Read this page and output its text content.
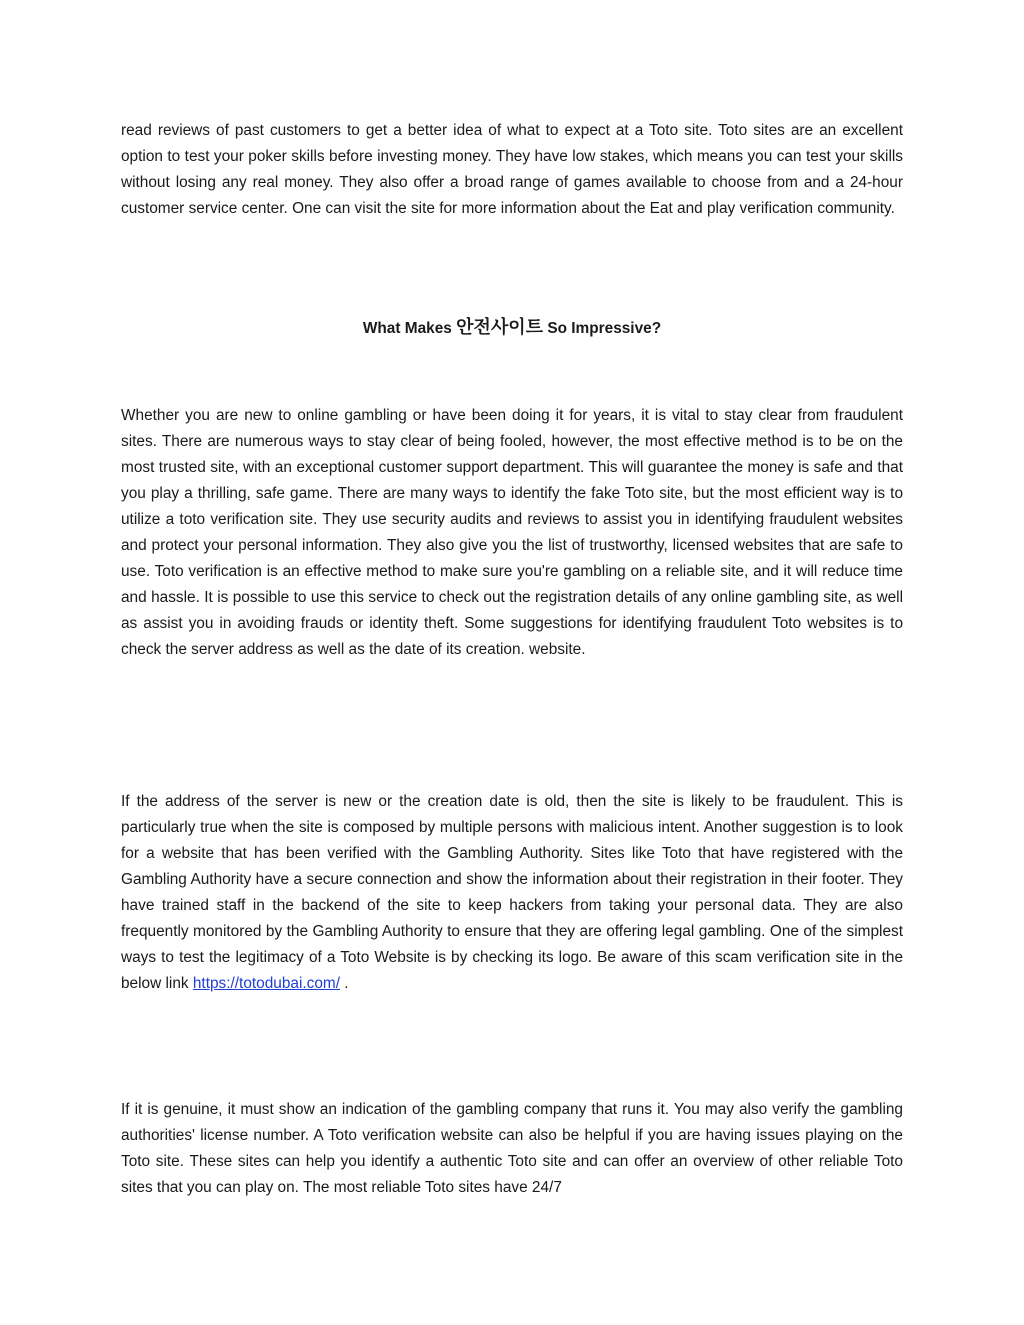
read reviews of past customers to get a better idea of what to expect at a Toto site. Toto sites are an excellent option to test your poker skills before investing money. They have low stakes, which means you can test your skills without losing any real money. They also offer a broad range of games available to choose from and a 24-hour customer service center. One can visit the site for more information about the Eat and play verification community.

What Makes 안전사이트 So Impressive?

Whether you are new to online gambling or have been doing it for years, it is vital to stay clear from fraudulent sites. There are numerous ways to stay clear of being fooled, however, the most effective method is to be on the most trusted site, with an exceptional customer support department. This will guarantee the money is safe and that you play a thrilling, safe game. There are many ways to identify the fake Toto site, but the most efficient way is to utilize a toto verification site. They use security audits and reviews to assist you in identifying fraudulent websites and protect your personal information. They also give you the list of trustworthy, licensed websites that are safe to use. Toto verification is an effective method to make sure you're gambling on a reliable site, and it will reduce time and hassle. It is possible to use this service to check out the registration details of any online gambling site, as well as assist you in avoiding frauds or identity theft. Some suggestions for identifying fraudulent Toto websites is to check the server address as well as the date of its creation. website.

If the address of the server is new or the creation date is old, then the site is likely to be fraudulent. This is particularly true when the site is composed by multiple persons with malicious intent. Another suggestion is to look for a website that has been verified with the Gambling Authority. Sites like Toto that have registered with the Gambling Authority have a secure connection and show the information about their registration in their footer. They have trained staff in the backend of the site to keep hackers from taking your personal data. They are also frequently monitored by the Gambling Authority to ensure that they are offering legal gambling. One of the simplest ways to test the legitimacy of a Toto Website is by checking its logo. Be aware of this scam verification site in the below link https://totodubai.com/ .

If it is genuine, it must show an indication of the gambling company that runs it. You may also verify the gambling authorities' license number. A Toto verification website can also be helpful if you are having issues playing on the Toto site. These sites can help you identify a authentic Toto site and can offer an overview of other reliable Toto sites that you can play on. The most reliable Toto sites have 24/7
